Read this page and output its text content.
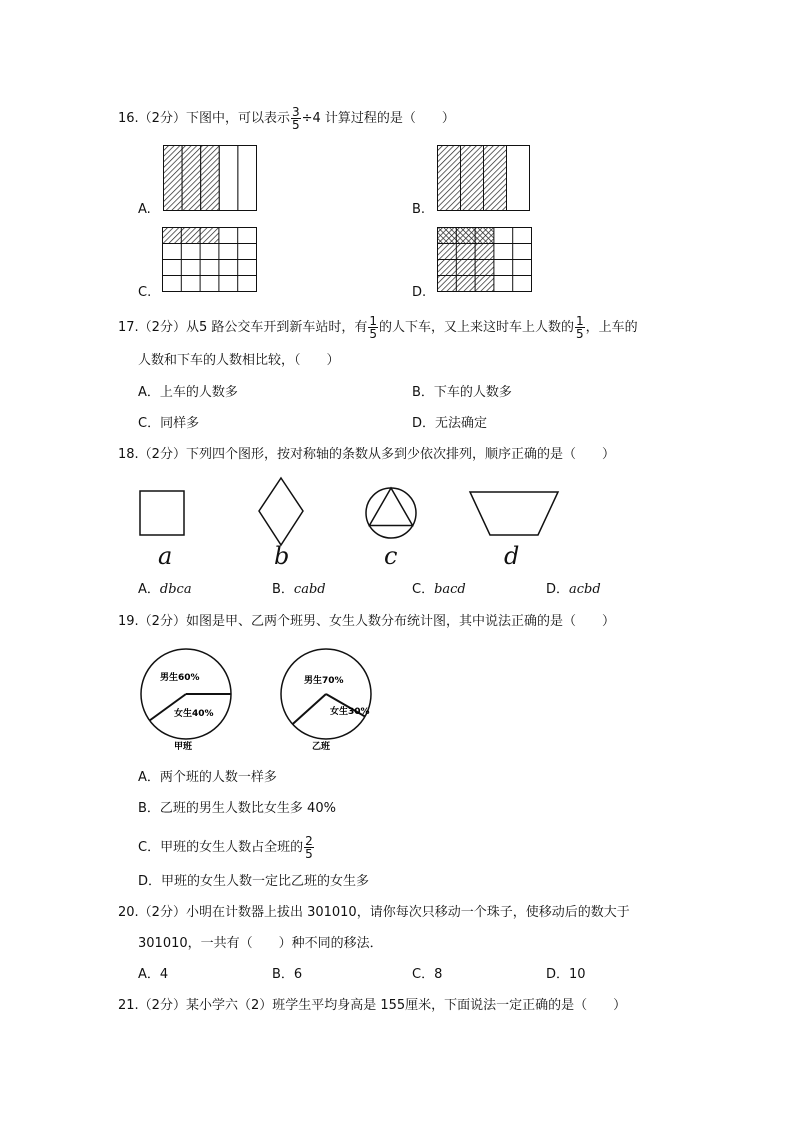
16.（2分）下图中，可以表示 $\frac{3}{5} \div 4$ 计算过程的是（　　）
A.	B.
C.	D.
17.（2分）从5 路公交车开到新车站时，有 $\frac{1}{5}$ 的人下车，又上来这时车上人数的 $\frac{1}{5}$ ，上车的
人数和下车的人数相比较，（　　）
A．上车的人数多	B．下车的人数多
C．同样多	D．无法确定
18.（2分）下列四个图形，按对称轴的条数从多到少依次排列，顺序正确的是（　　）
a	b	c	d
A．dbca	B．cabd	C．bacd	D．acbd
19.（2分）如图是甲、乙两个班男、女生人数分布统计图，其中说法正确的是（　　）
男生60%
女生40%
甲班
男生70%
女生30%
乙班
A．两个班的人数一样多
B．乙班的男生人数比女生多 40%
C．甲班的女生人数占全班的 $\frac{2}{5}$
D．甲班的女生人数一定比乙班的女生多
20.（2分）小明在计数器上拔出 301010，请你每次只移动一个珠子，使移动后的数大于
301010，一共有（　　）种不同的移法．
A．4	B．6	C．8	D．10
21.（2分）某小学六（2）班学生平均身高是 155厘米，下面说法一定正确的是（　　）
